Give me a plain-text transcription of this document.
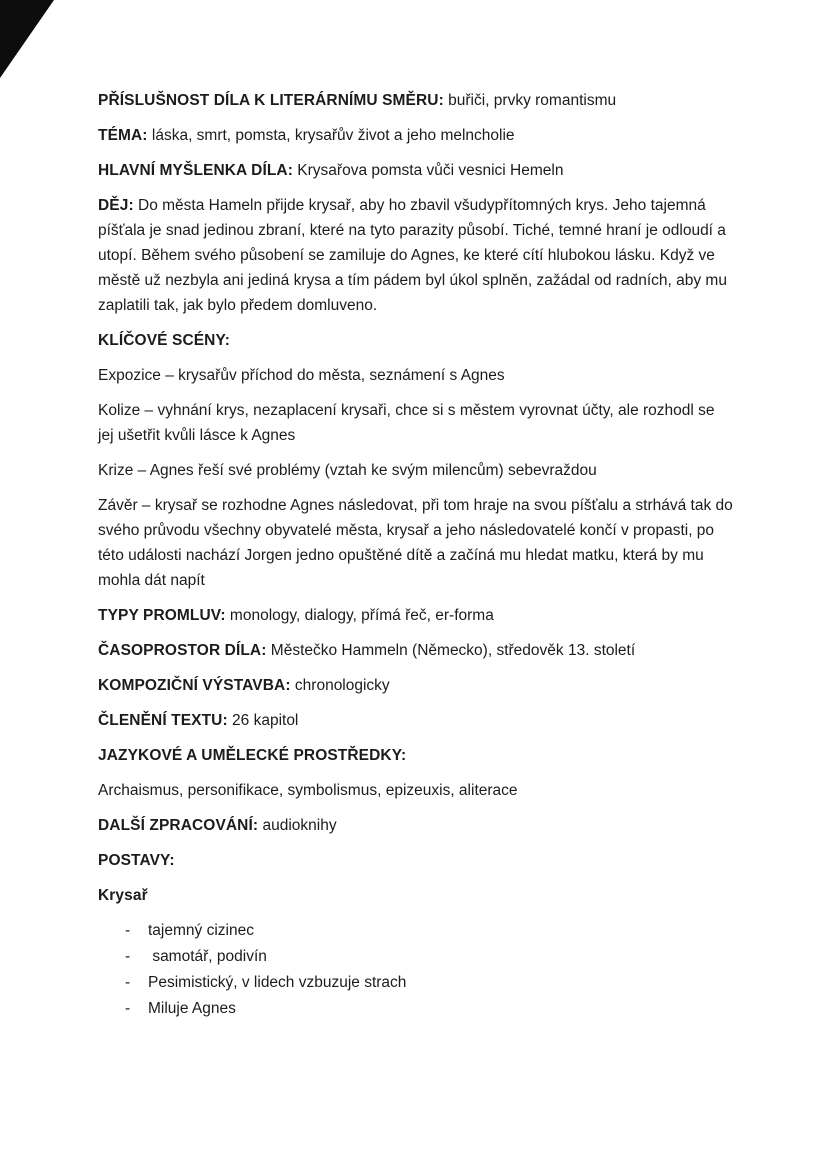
PŘÍSLUŠNOST DÍLA K LITERÁRNÍMU SMĚRU: buřiči, prvky romantismu

TÉMA: láska, smrt, pomsta, krysařův život a jeho melncholie

HLAVNÍ MYŠLENKA DÍLA: Krysařova pomsta vůči vesnici Hemeln

DĚJ: Do města Hameln přijde krysař, aby ho zbavil všudypřítomných krys. Jeho tajemná píšťala je snad jedinou zbraní, které na tyto parazity působí. Tiché, temné hraní je odloudí a utopí. Během svého působení se zamiluje do Agnes, ke které cítí hlubokou lásku. Když ve městě už nezbyla ani jediná krysa a tím pádem byl úkol splněn, zažádal od radních, aby mu zaplatili tak, jak bylo předem domluveno.

KLÍČOVÉ SCÉNY:

Expozice – krysařův příchod do města, seznámení s Agnes

Kolize – vyhnání krys, nezaplacení krysaři, chce si s městem vyrovnat účty, ale rozhodl se jej ušetřit kvůli lásce k Agnes

Krize – Agnes řeší své problémy (vztah ke svým milencům) sebevraždou

Závěr – krysař se rozhodne Agnes následovat, při tom hraje na svou píšťalu a strhává tak do svého průvodu všechny obyvatelé města, krysař a jeho následovatelé končí v propasti, po této události nachází Jorgen jedno opuštěné dítě a začíná mu hledat matku, která by mu mohla dát napít

TYPY PROMLUV: monology, dialogy, přímá řeč, er-forma

ČASOPROSTOR DÍLA: Městečko Hammeln (Německo), středověk 13. století

KOMPOZIČNÍ VÝSTAVBA: chronologicky

ČLENĚNÍ TEXTU: 26 kapitol

JAZYKOVÉ A UMĚLECKÉ PROSTŘEDKY:

Archaismus, personifikace, symbolismus, epizeuxis, aliterace

DALŠÍ ZPRACOVÁNÍ: audioknihy

POSTAVY:
Krysař
-	tajemný cizinec
-	samotář, podivín
-	Pesimistický, v lidech vzbuzuje strach
-	Miluje Agnes
